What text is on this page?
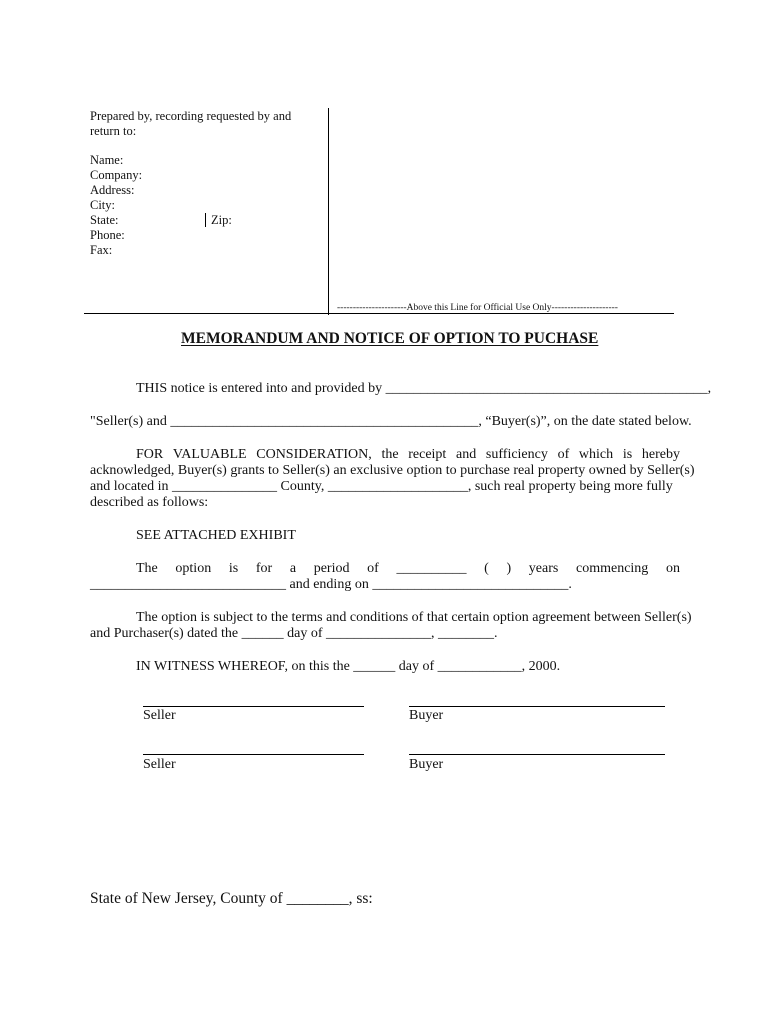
Prepared by, recording requested by and
return to:
Name:
Company:
Address:
City:
State:	Zip:
Phone:
Fax:
----------------------Above this Line for Official Use Only---------------------
MEMORANDUM AND NOTICE OF OPTION TO PUCHASE
THIS notice is entered into and provided by ______________________________________________,
"Seller(s) and ____________________________________________, “Buyer(s)”, on the date stated below.
FOR VALUABLE CONSIDERATION, the receipt and sufficiency of which is hereby
acknowledged, Buyer(s) grants to Seller(s) an exclusive option to purchase real property owned by Seller(s)
and located in _______________ County, ____________________, such real property being more fully
described as follows:
SEE ATTACHED EXHIBIT
The option is for a period of __________ ( ) years commencing on
____________________________ and ending on ____________________________.
The option is subject to the terms and conditions of that certain option agreement between Seller(s)
and Purchaser(s) dated the ______ day of _______________, ________.
IN WITNESS WHEREOF, on this the ______ day of ____________, 2000.
Seller	Buyer
Seller	Buyer
State of New Jersey, County of ________, ss:
